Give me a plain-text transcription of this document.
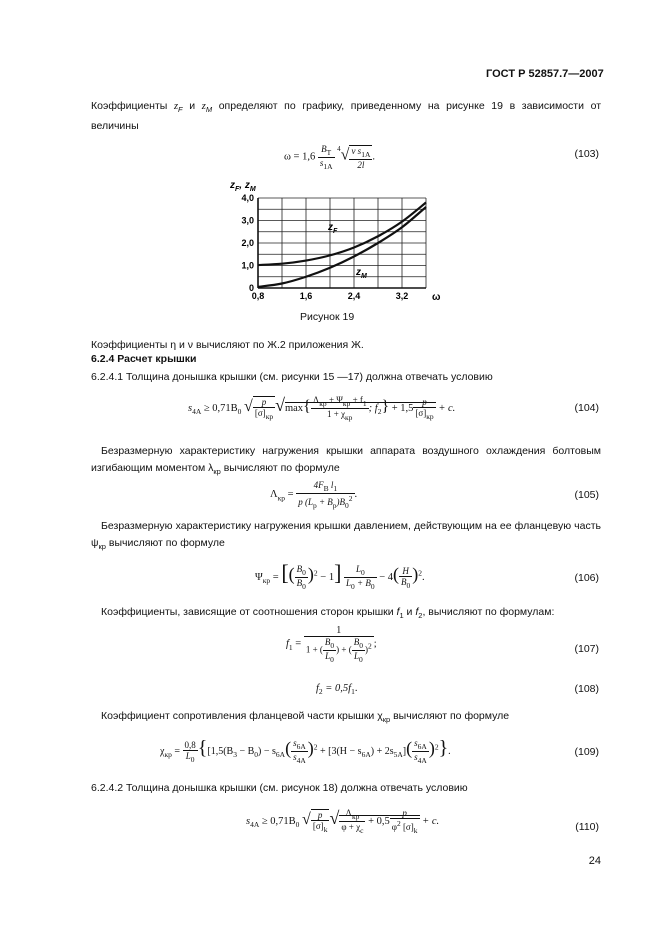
ГОСТ Р 52857.7—2007
Коэффициенты $z_F$ и $z_M$ определяют по графику, приведенному на рисунке 19 в зависимости от величины
$\omega = 1,6 \frac{B_T}{s_{1A}} ^4√ \frac{\nu s_{1A}}{2l}$ .	(103)
0
1,0
2,0
3,0
4,0
0,8	1,6	2,4	3,2
$z_F$, $z_M$
$z_F$
$z_M$
ω
Рисунок 19
Коэффициенты η и ν вычисляют по Ж.2 приложения Ж.
6.2.4 Расчет крышки
6.2.4.1 Толщина донышка крышки (см. рисунки 15 —17) должна отвечать условию
$s_{4A} \ge 0,71B_0$ √ $\frac{p}{[\sigma]_{кр}} √\max\{ \frac{\Lambda_{кр} + \Psi_{кр} + f_1}{1 + \chi_{кр}}$ ; $f_2\} + 1,5 \frac{p}{[\sigma]_{кр}} + c$.	(104)
Безразмерную характеристику нагружения крышки аппарата воздушного охлаждения болтовым изгибающим моментом $\lambda_{кр}$ вычисляют по формуле
$\Lambda_{кр} = \frac{4F_B l_1}{p (L_р + B_р)B_0^2}$ .	(105)
Безразмерную характеристику нагружения крышки давлением, действующим на ее фланцевую часть $\psi_{кр}$ вычисляют по формуле
$\Psi_{кр}$ = [( $\frac{B_0}{B_0} )^2 - 1] \frac{L_0}{L_0 + B_0} - 4( \frac{H}{B_0} )^2$.	(106)
Коэффициенты, зависящие от соотношения сторон крышки $f_1$ и $f_2$, вычисляют по формулам:
$f_1 = \frac{1}{1 + ( \frac{B_0}{L_0} ) + ( \frac{B_0}{L_0} )^2}$ ;	(107)
$f_2 = 0,5f_1$.	(108)
Коэффициент сопротивления фланцевой части крышки $\chi_{кр}$ вычисляют по формуле
$\chi_{кр} = \frac{0,8}{L_0} \{[1,5(B_3 - B_0) - s_{6A}( \frac{s_{6A}}{s_{4A}} )^2 + [3(H - s_{6A}) + 2s_{5A}]( \frac{s_{6A}}{s_{4A}} )^2\}$.	(109)
6.2.4.2 Толщина донышка крышки (см. рисунок 18) должна отвечать условию
$s_{4A} \ge 0,71B_0$ √ $\frac{p}{[\sigma]_k}$ √ $\frac{\Lambda_{кр}}{\varphi + \chi_c} + 0,5 \frac{p}{\varphi^2 [\sigma]_k} + c$.	(110)
24
